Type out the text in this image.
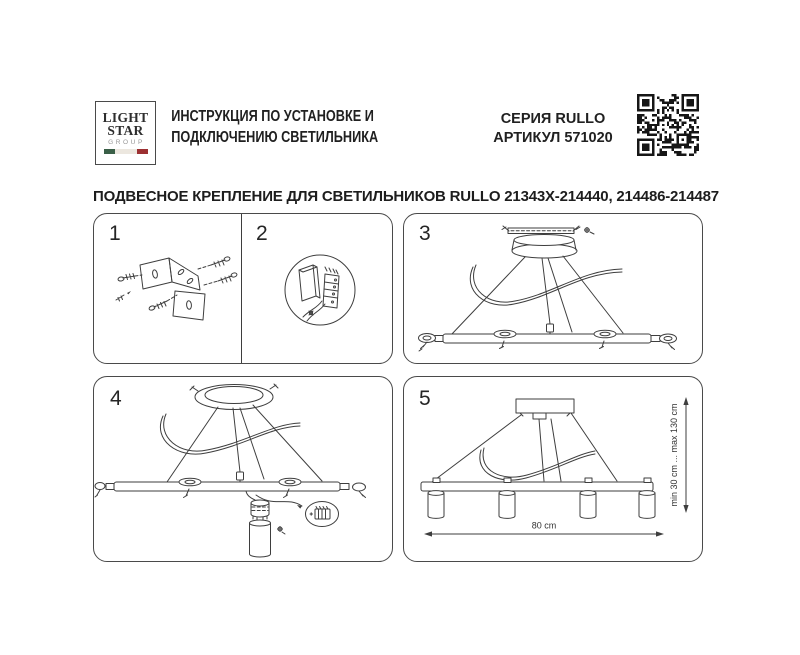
LIGHT
STAR
GROUP
ИНСТРУКЦИЯ ПО УСТАНОВКЕ И
ПОДКЛЮЧЕНИЮ СВЕТИЛЬНИКА
СЕРИЯ RULLO
АРТИКУЛ 571020
ПОДВЕСНОЕ КРЕПЛЕНИЕ ДЛЯ СВЕТИЛЬНИКОВ RULLO 21343X-214440, 214486-214487
1	2	3
4	5
80 cm
min 30 cm ... max 130 cm
